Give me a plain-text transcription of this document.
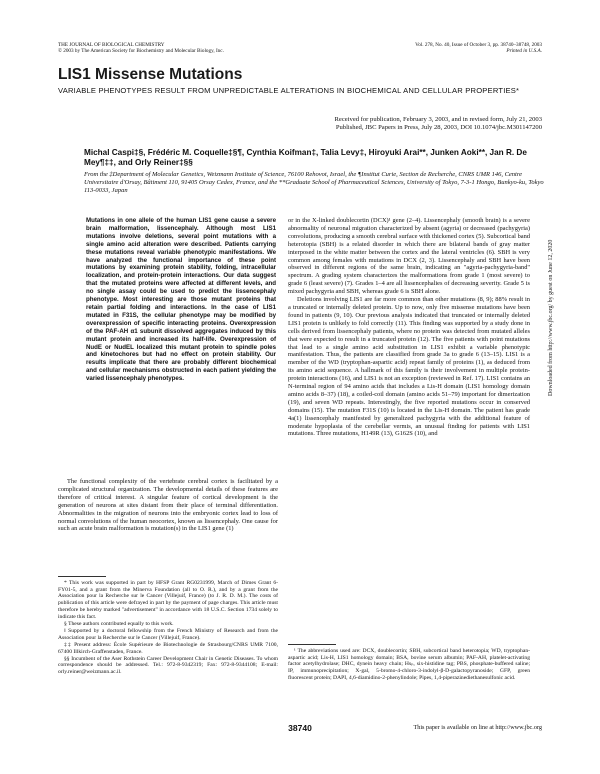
THE JOURNAL OF BIOLOGICAL CHEMISTRY
© 2003 by The American Society for Biochemistry and Molecular Biology, Inc.
Vol. 278, No. 40, Issue of October 3, pp. 38740–38748, 2003
Printed in U.S.A.
LIS1 Missense Mutations
VARIABLE PHENOTYPES RESULT FROM UNPREDICTABLE ALTERATIONS IN BIOCHEMICAL AND CELLULAR PROPERTIES*
Received for publication, February 3, 2003, and in revised form, July 21, 2003
Published, JBC Papers in Press, July 28, 2003, DOI 10.1074/jbc.M301147200
Michal Caspi‡§, Frédéric M. Coquelle‡§¶, Cynthia Koifman‡, Talia Levy‡, Hiroyuki Arai**, Junken Aoki**, Jan R. De Mey¶‡‡, and Orly Reiner‡§§
From the ‡Department of Molecular Genetics, Weizmann Institute of Science, 76100 Rehovot, Israel, the ¶Institut Curie, Section de Recherche, CNRS UMR 146, Centre Universitaire d'Orsay, Bâtiment 110, 91405 Orsay Cedex, France, and the **Graduate School of Pharmaceutical Sciences, University of Tokyo, 7-3-1 Hongo, Bunkyo-ku, Tokyo 113-0033, Japan
Mutations in one allele of the human LIS1 gene cause a severe brain malformation, lissencephaly. Although most LIS1 mutations involve deletions, several point mutations with a single amino acid alteration were described. Patients carrying these mutations reveal variable phenotypic manifestations. We have analyzed the functional importance of these point mutations by examining protein stability, folding, intracellular localization, and protein-protein interactions. Our data suggest that the mutated proteins were affected at different levels, and no single assay could be used to predict the lissencephaly phenotype. Most interesting are those mutant proteins that retain partial folding and interactions. In the case of LIS1 mutated in F31S, the cellular phenotype may be modified by overexpression of specific interacting proteins. Overexpression of the PAF-AH α1 subunit dissolved aggregates induced by this mutant protein and increased its half-life. Overexpression of NudE or NudEL localized this mutant protein to spindle poles and kinetochores but had no effect on protein stability. Our results implicate that there are probably different biochemical and cellular mechanisms obstructed in each patient yielding the varied lissencephaly phenotypes.

The functional complexity of the vertebrate cerebral cortex is facilitated by a complicated structural organization. The developmental details of these features are therefore of critical interest. A singular feature of cortical development is the generation of neurons at sites distant from their place of terminal differentiation. Abnormalities in the migration of neurons into the embryonic cortex lead to loss of normal convolutions of the human neocortex, known as lissencephaly. One cause for such an acute brain malformation is mutation(s) in the LIS1 gene (1)

* This work was supported in part by HFSP Grant RG0231999, March of Dimes Grant 6-FY01-5, and a grant from the Minerva Foundation (all to O. R.), and by a grant from the Association pour la Recherche sur le Cancer (Villejuif, France) (to J. R. D. M.). The costs of publication of this article were defrayed in part by the payment of page charges. This article must therefore be hereby marked "advertisement" in accordance with 18 U.S.C. Section 1734 solely to indicate this fact.

§ These authors contributed equally to this work.

‖ Supported by a doctoral fellowship from the French Ministry of Research and from the Association pour la Recherche sur le Cancer (Villejuif, France).

‡‡ Present address: École Supérieure de Biotechnologie de Strasbourg/CNRS UMR 7100, 67400 Illkirch-Graffenstaden, France.

§§ Incumbent of the Aser Rothstein Career Development Chair in Genetic Diseases. To whom correspondence should be addressed. Tel.: 972-8-9342319; Fax: 972-8-9344108; E-mail: orly.reiner@weizmann.ac.il.

or in the X-linked doublecortin (DCX)¹ gene (2–4). Lissencephaly (smooth brain) is a severe abnormality of neuronal migration characterized by absent (agyria) or decreased (pachygyria) convolutions, producing a smooth cerebral surface with thickened cortex (5). Subcortical band heterotopia (SBH) is a related disorder in which there are bilateral bands of gray matter interposed in the white matter between the cortex and the lateral ventricles (6). SBH is very common among females with mutations in DCX (2, 3). Lissencephaly and SBH have been observed in different regions of the same brain, indicating an "agyria-pachygyria-band" spectrum. A grading system characterizes the malformations from grade 1 (most severe) to grade 6 (least severe) (7). Grades 1–4 are all lissencephalies of decreasing severity. Grade 5 is mixed pachygyria and SBH, whereas grade 6 is SBH alone.

Deletions involving LIS1 are far more common than other mutations (8, 9); 88% result in a truncated or internally deleted protein. Up to now, only five missense mutations have been found in patients (9, 10). Our previous analysis indicated that truncated or internally deleted LIS1 protein is unlikely to fold correctly (11). This finding was supported by a study done in cells derived from lissencephaly patients, where no protein was detected from mutated alleles that were expected to result in a truncated protein (12). The five patients with point mutations that lead to a single amino acid substitution in LIS1 exhibit a variable phenotypic manifestation. Thus, the patients are classified from grade 3a to grade 6 (13–15). LIS1 is a member of the WD (tryptophan-aspartic acid) repeat family of proteins (1), as deduced from its amino acid sequence. A hallmark of this family is their involvement in multiple protein-protein interactions (16), and LIS1 is not an exception (reviewed in Ref. 17). LIS1 contains an N-terminal region of 94 amino acids that includes a Lis-H domain (LIS1 homology domain amino acids 8–37) (18), a coiled-coil domain (amino acids 51–79) important for dimerization (19), and seven WD repeats. Interestingly, the five reported mutations occur in conserved domains (15). The mutation F31S (10) is located in the Lis-H domain. The patient has grade 4a(1) lissencephaly manifested by generalized pachygyria with the additional feature of moderate hypoplasia of the cerebellar vermis, an unusual finding for patients with LIS1 mutations. Three mutations, H149R (13), G162S (10), and

¹ The abbreviations used are: DCX, doublecortin; SBH, subcortical band heterotopia; WD, tryptophan-aspartic acid; Lis-H, LIS1 homology domain; BSA, bovine serum albumin; PAF-AH, platelet-activating factor acetylhydrolase; DHC, dynein heavy chain; Hsₚ, six-histidine tag; PBS, phosphate-buffered saline; IP, immunoprecipitation; X-gal, 5-bromo-4-chloro-3-indolyl-β-D-galactopyranoside; GFP, green fluorescent protein; DAPI, 4,6-diamidino-2-phenylindole; Pipes, 1,4-piperazinediethanesulfonic acid.
38740	This paper is available on line at http://www.jbc.org
Downloaded from http://www.jbc.org/ by guest on June 12, 2020
